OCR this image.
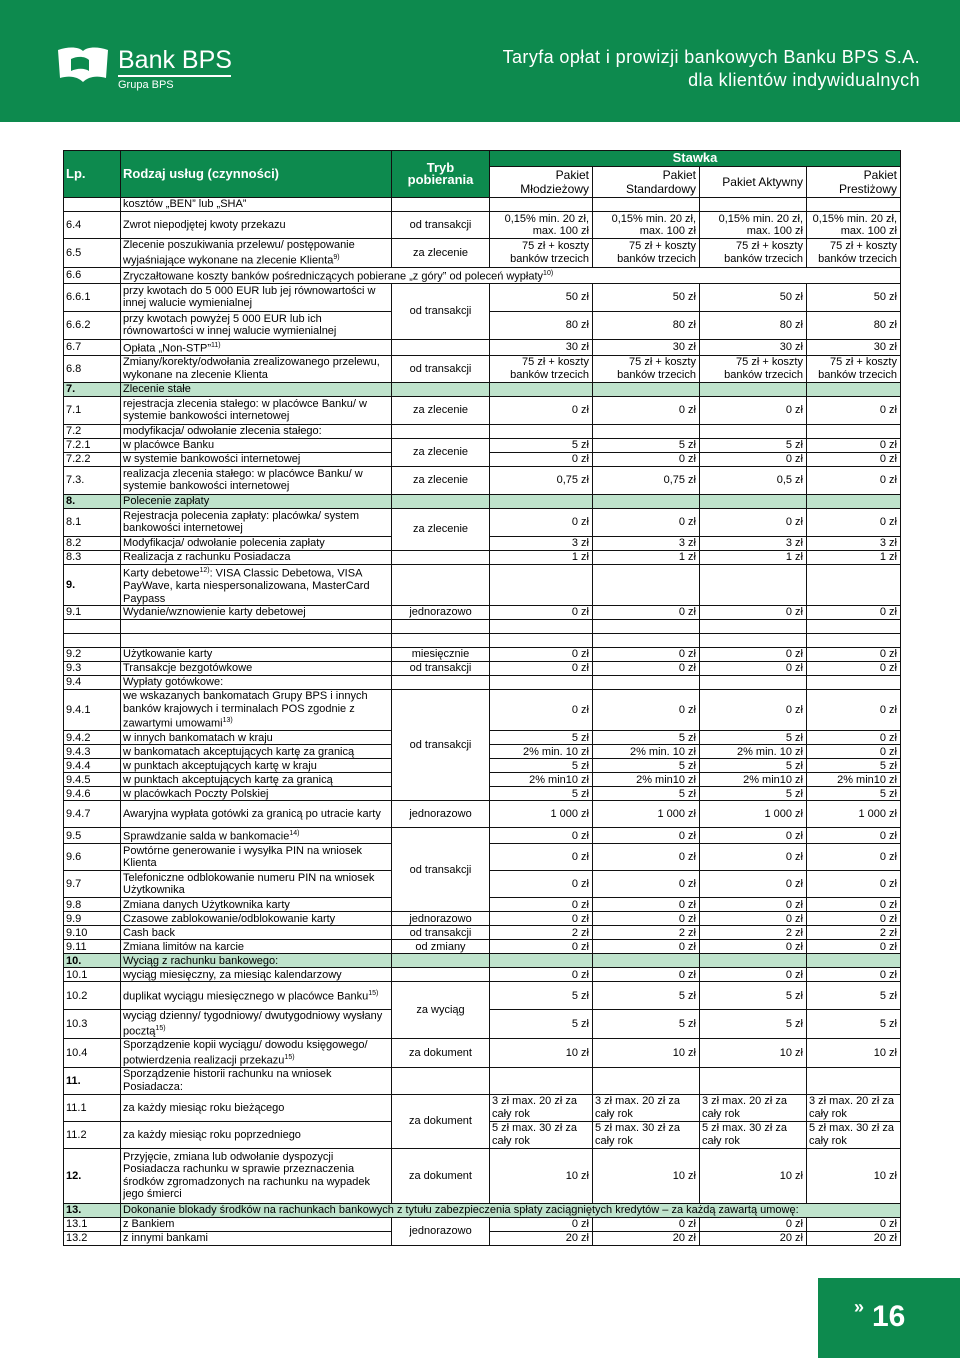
Bank BPS
Grupa BPS
Taryfa opłat i prowizji bankowych Banku BPS S.A.
dla klientów indywidualnych
Lp.	Rodzaj usług (czynności)	Tryb pobierania	Stawka			
			Pakiet Młodzieżowy	Pakiet Standardowy	Pakiet Aktywny	Pakiet Prestiżowy
	kosztów „BEN” lub „SHA”					
6.4	Zwrot niepodjętej kwoty przekazu	od transakcji	0,15% min. 20 zł, max. 100 zł	0,15% min. 20 zł, max. 100 zł	0,15% min. 20 zł, max. 100 zł	0,15% min. 20 zł, max. 100 zł
6.5	Zlecenie poszukiwania przelewu/ postępowanie wyjaśniające wykonane na zlecenie Klienta$^{9)}$	za zlecenie	75 zł + koszty banków trzecich	75 zł + koszty banków trzecich	75 zł + koszty banków trzecich	75 zł + koszty banków trzecich
6.6	Zryczałtowane koszty banków pośredniczących pobierane „z góry” od poleceń wypłaty$^{10)}$
6.6.1	przy kwotach do 5 000 EUR lub jej równowartości w innej walucie wymienialnej	od transakcji	50 zł	50 zł	50 zł	50 zł
6.6.2	przy kwotach powyżej 5 000 EUR lub ich równowartości w innej walucie wymienialnej		80 zł	80 zł	80 zł	80 zł
6.7	Opłata „Non-STP”$^{11)}$		30 zł	30 zł	30 zł	30 zł
6.8	Zmiany/korekty/odwołania zrealizowanego przelewu, wykonane na zlecenie Klienta	od transakcji	75 zł + koszty banków trzecich	75 zł + koszty banków trzecich	75 zł + koszty banków trzecich	75 zł + koszty banków trzecich
7.	Zlecenie stałe					
7.1	rejestracja zlecenia stałego: w placówce Banku/ w systemie bankowości internetowej	za zlecenie	0 zł	0 zł	0 zł	0 zł
7.2	modyfikacja/ odwołanie zlecenia stałego:					
7.2.1	w placówce Banku	za zlecenie	5 zł	5 zł	5 zł	0 zł
7.2.2	w systemie bankowości internetowej		0 zł	0 zł	0 zł	0 zł
7.3.	realizacja zlecenia stałego: w placówce Banku/ w systemie bankowości internetowej	za zlecenie	0,75 zł	0,75 zł	0,5 zł	0 zł
8.	Polecenie zapłaty					
8.1	Rejestracja polecenia zapłaty: placówka/ system bankowości internetowej	za zlecenie	0 zł	0 zł	0 zł	0 zł
8.2	Modyfikacja/ odwołanie polecenia zapłaty		3 zł	3 zł	3 zł	3 zł
8.3	Realizacja z rachunku Posiadacza		1 zł	1 zł	1 zł	1 zł
9.	Karty debetowe$^{12)}$: VISA Classic Debetowa, VISA PayWave, karta niespersonalizowana, MasterCard Paypass					
9.1	Wydanie/wznowienie karty debetowej	jednorazowo	0 zł	0 zł	0 zł	0 zł

9.2	Użytkowanie karty	miesięcznie	0 zł	0 zł	0 zł	0 zł
9.3	Transakcje bezgotówkowe	od transakcji	0 zł	0 zł	0 zł	0 zł
9.4	Wypłaty gotówkowe:					
9.4.1	we wskazanych bankomatach Grupy BPS i innych banków krajowych i terminalach POS zgodnie z zawartymi umowami$^{13)}$	od transakcji	0 zł	0 zł	0 zł	0 zł
9.4.2	w innych bankomatach w kraju		5 zł	5 zł	5 zł	0 zł
9.4.3	w bankomatach akceptujących kartę za granicą		2% min. 10 zł	2% min. 10 zł	2% min. 10 zł	0 zł
9.4.4	w punktach akceptujących kartę w kraju		5 zł	5 zł	5 zł	5 zł
9.4.5	w punktach akceptujących kartę za granicą		2% min10 zł	2% min10 zł	2% min10 zł	2% min10 zł
9.4.6	w placówkach Poczty Polskiej		5 zł	5 zł	5 zł	5 zł
9.4.7	Awaryjna wypłata gotówki za granicą po utracie karty	jednorazowo	1 000 zł	1 000 zł	1 000 zł	1 000 zł
9.5	Sprawdzanie salda w bankomacie$^{14)}$	od transakcji	0 zł	0 zł	0 zł	0 zł
9.6	Powtórne generowanie i wysyłka PIN na wniosek Klienta		0 zł	0 zł	0 zł	0 zł
9.7	Telefoniczne odblokowanie numeru PIN na wniosek Użytkownika		0 zł	0 zł	0 zł	0 zł
9.8	Zmiana danych Użytkownika karty		0 zł	0 zł	0 zł	0 zł
9.9	Czasowe zablokowanie/odblokowanie karty	jednorazowo	0 zł	0 zł	0 zł	0 zł
9.10	Cash back	od transakcji	2 zł	2 zł	2 zł	2 zł
9.11	Zmiana limitów na karcie	od zmiany	0 zł	0 zł	0 zł	0 zł
10.	Wyciąg z rachunku bankowego:					
10.1	wyciąg miesięczny, za miesiąc kalendarzowy		0 zł	0 zł	0 zł	0 zł
10.2	duplikat wyciągu miesięcznego w placówce Banku$^{15)}$	za wyciąg	5 zł	5 zł	5 zł	5 zł
10.3	wyciąg dzienny/ tygodniowy/ dwutygodniowy wysłany pocztą$^{15)}$		5 zł	5 zł	5 zł	5 zł
10.4	Sporządzenie kopii wyciągu/ dowodu księgowego/ potwierdzenia realizacji przekazu$^{15)}$	za dokument	10 zł	10 zł	10 zł	10 zł
11.	Sporządzenie historii rachunku na wniosek Posiadacza:					
11.1	za każdy miesiąc roku bieżącego	za dokument	3 zł max. 20 zł za cały rok	3 zł max. 20 zł za cały rok	3 zł max. 20 zł za cały rok	3 zł max. 20 zł za cały rok
11.2	za każdy miesiąc roku poprzedniego		5 zł max. 30 zł za cały rok	5 zł max. 30 zł za cały rok	5 zł max. 30 zł za cały rok	5 zł max. 30 zł za cały rok
12.	Przyjęcie, zmiana lub odwołanie dyspozycji Posiadacza rachunku w sprawie przeznaczenia środków zgromadzonych na rachunku na wypadek jego śmierci	za dokument	10 zł	10 zł	10 zł	10 zł
13.	Dokonanie blokady środków na rachunkach bankowych z tytułu zabezpieczenia spłaty zaciągniętych kredytów – za każdą zawartą umowę:					
13.1	z Bankiem	jednorazowo	0 zł	0 zł	0 zł	0 zł
13.2	z innymi bankami		20 zł	20 zł	20 zł	20 zł
» 16
